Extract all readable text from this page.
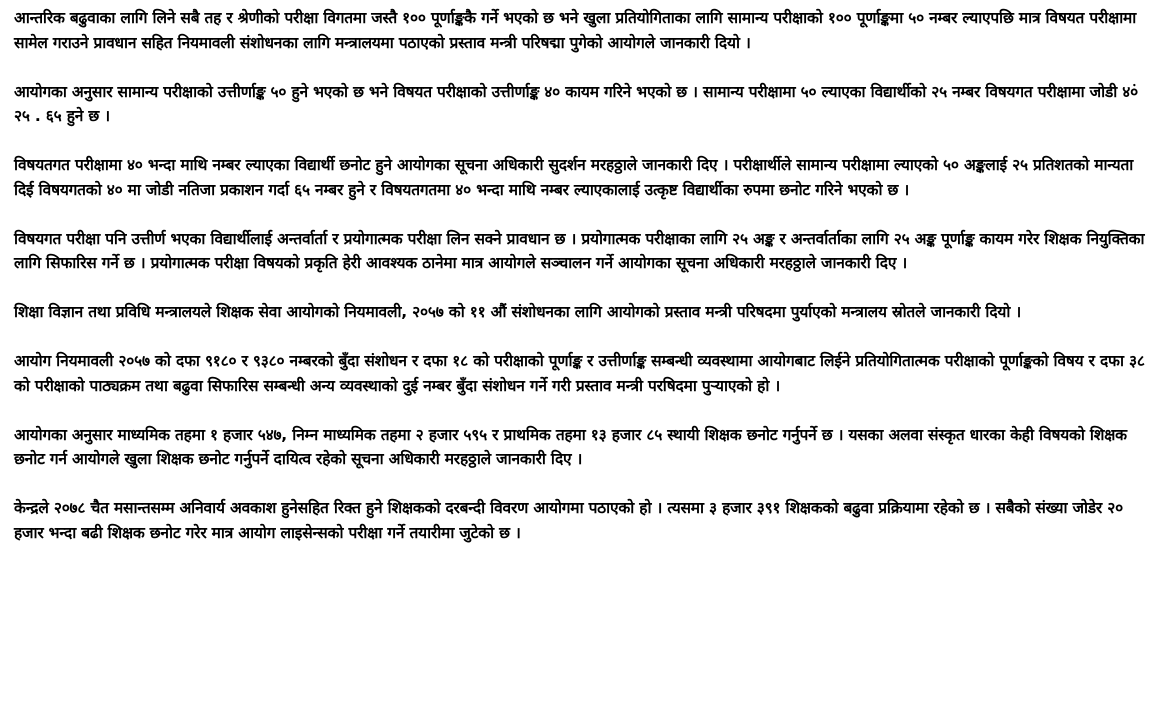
आन्तरिक बढुवाका लागि लिने सबै तह र श्रेणीको परीक्षा विगतमा जस्तै १०० पूर्णाङ्ककै गर्ने भएको छ भने खुला प्रतियोगिताका लागि सामान्य परीक्षाको १०० पूर्णाङ्कमा ५० नम्बर ल्याएपछि मात्र विषयत परीक्षामा सामेल गराउने प्रावधान सहित नियमावली संशोधनका लागि मन्त्रालयमा पठाएको प्रस्ताव मन्त्री परिषद्मा पुगेको आयोगले जानकारी दियो ।

आयोगका अनुसार सामान्य परीक्षाको उत्तीर्णाङ्क ५० हुने भएको छ भने विषयत परीक्षाको उत्तीर्णाङ्क ४० कायम गरिने भएको छ । सामान्य परीक्षामा ५० ल्याएका विद्यार्थीको २५ नम्बर विषयगत परीक्षामा जोडी ४०ं २५ . ६५ हुने छ ।

विषयतगत परीक्षामा ४० भन्दा माथि नम्बर ल्याएका विद्यार्थी छनोट हुने आयोगका सूचना अधिकारी सुदर्शन मरहठ्ठाले जानकारी दिए । परीक्षार्थीले सामान्य परीक्षामा ल्याएको ५० अङ्कलाई २५ प्रतिशतको मान्यता दिई विषयगतको ४० मा जोडी नतिजा प्रकाशन गर्दा ६५ नम्बर हुने र विषयतगतमा ४० भन्दा माथि नम्बर ल्याएकालाई उत्कृष्ट विद्यार्थीका रुपमा छनोट गरिने भएको छ ।

विषयगत परीक्षा पनि उत्तीर्ण भएका विद्यार्थीलाई अन्तर्वार्ता र प्रयोगात्मक परीक्षा लिन सक्ने प्रावधान छ । प्रयोगात्मक परीक्षाका लागि २५ अङ्क र अन्तर्वार्ताका लागि २५ अङ्क पूर्णाङ्क कायम गरेर शिक्षक नियुक्तिका लागि सिफारिस गर्ने छ । प्रयोगात्मक परीक्षा विषयको प्रकृति हेरी आवश्यक ठानेमा मात्र आयोगले सञ्चालन गर्ने आयोगका सूचना अधिकारी मरहठ्ठाले जानकारी दिए ।

शिक्षा विज्ञान तथा प्रविधि मन्त्रालयले शिक्षक सेवा आयोगको नियमावली, २०५७ को ११ औं संशोधनका लागि आयोगको प्रस्ताव मन्त्री परिषदमा पुर्याएको मन्त्रालय स्रोतले जानकारी दियो ।

आयोग नियमावली २०५७ को दफा ९१८० र ९३८० नम्बरको बुँदा संशोधन र दफा १८ को परीक्षाको पूर्णाङ्क र उत्तीर्णाङ्क सम्बन्धी व्यवस्थामा आयोगबाट लिईने प्रतियोगितात्मक परीक्षाको पूर्णाङ्कको विषय र दफा ३८ को परीक्षाको पाठ्यक्रम तथा बढुवा सिफारिस सम्बन्धी अन्य व्यवस्थाको दुई नम्बर बुँदा संशोधन गर्ने गरी प्रस्ताव मन्त्री परषिदमा पुऱ्याएको हो ।

आयोगका अनुसार माध्यमिक तहमा १ हजार ५४७, निम्न माध्यमिक तहमा २ हजार ५९५ र प्राथमिक तहमा १३ हजार ८५ स्थायी शिक्षक छनोट गर्नुपर्ने छ । यसका अलवा संस्कृत धारका केही विषयको शिक्षक छनोट गर्न आयोगले खुला शिक्षक छनोट गर्नुपर्ने दायित्व रहेको सूचना अधिकारी मरहठ्ठाले जानकारी दिए ।

केन्द्रले २०७८ चैत मसान्तसम्म अनिवार्य अवकाश हुनेसहित रिक्त हुने शिक्षकको दरबन्दी विवरण आयोगमा पठाएको हो । त्यसमा ३ हजार ३९१ शिक्षकको बढुवा प्रक्रियामा रहेको छ । सबैको संख्या जोडेर २० हजार भन्दा बढी शिक्षक छनोट गरेर मात्र आयोग लाइसेन्सको परीक्षा गर्ने तयारीमा जुटेको छ ।
